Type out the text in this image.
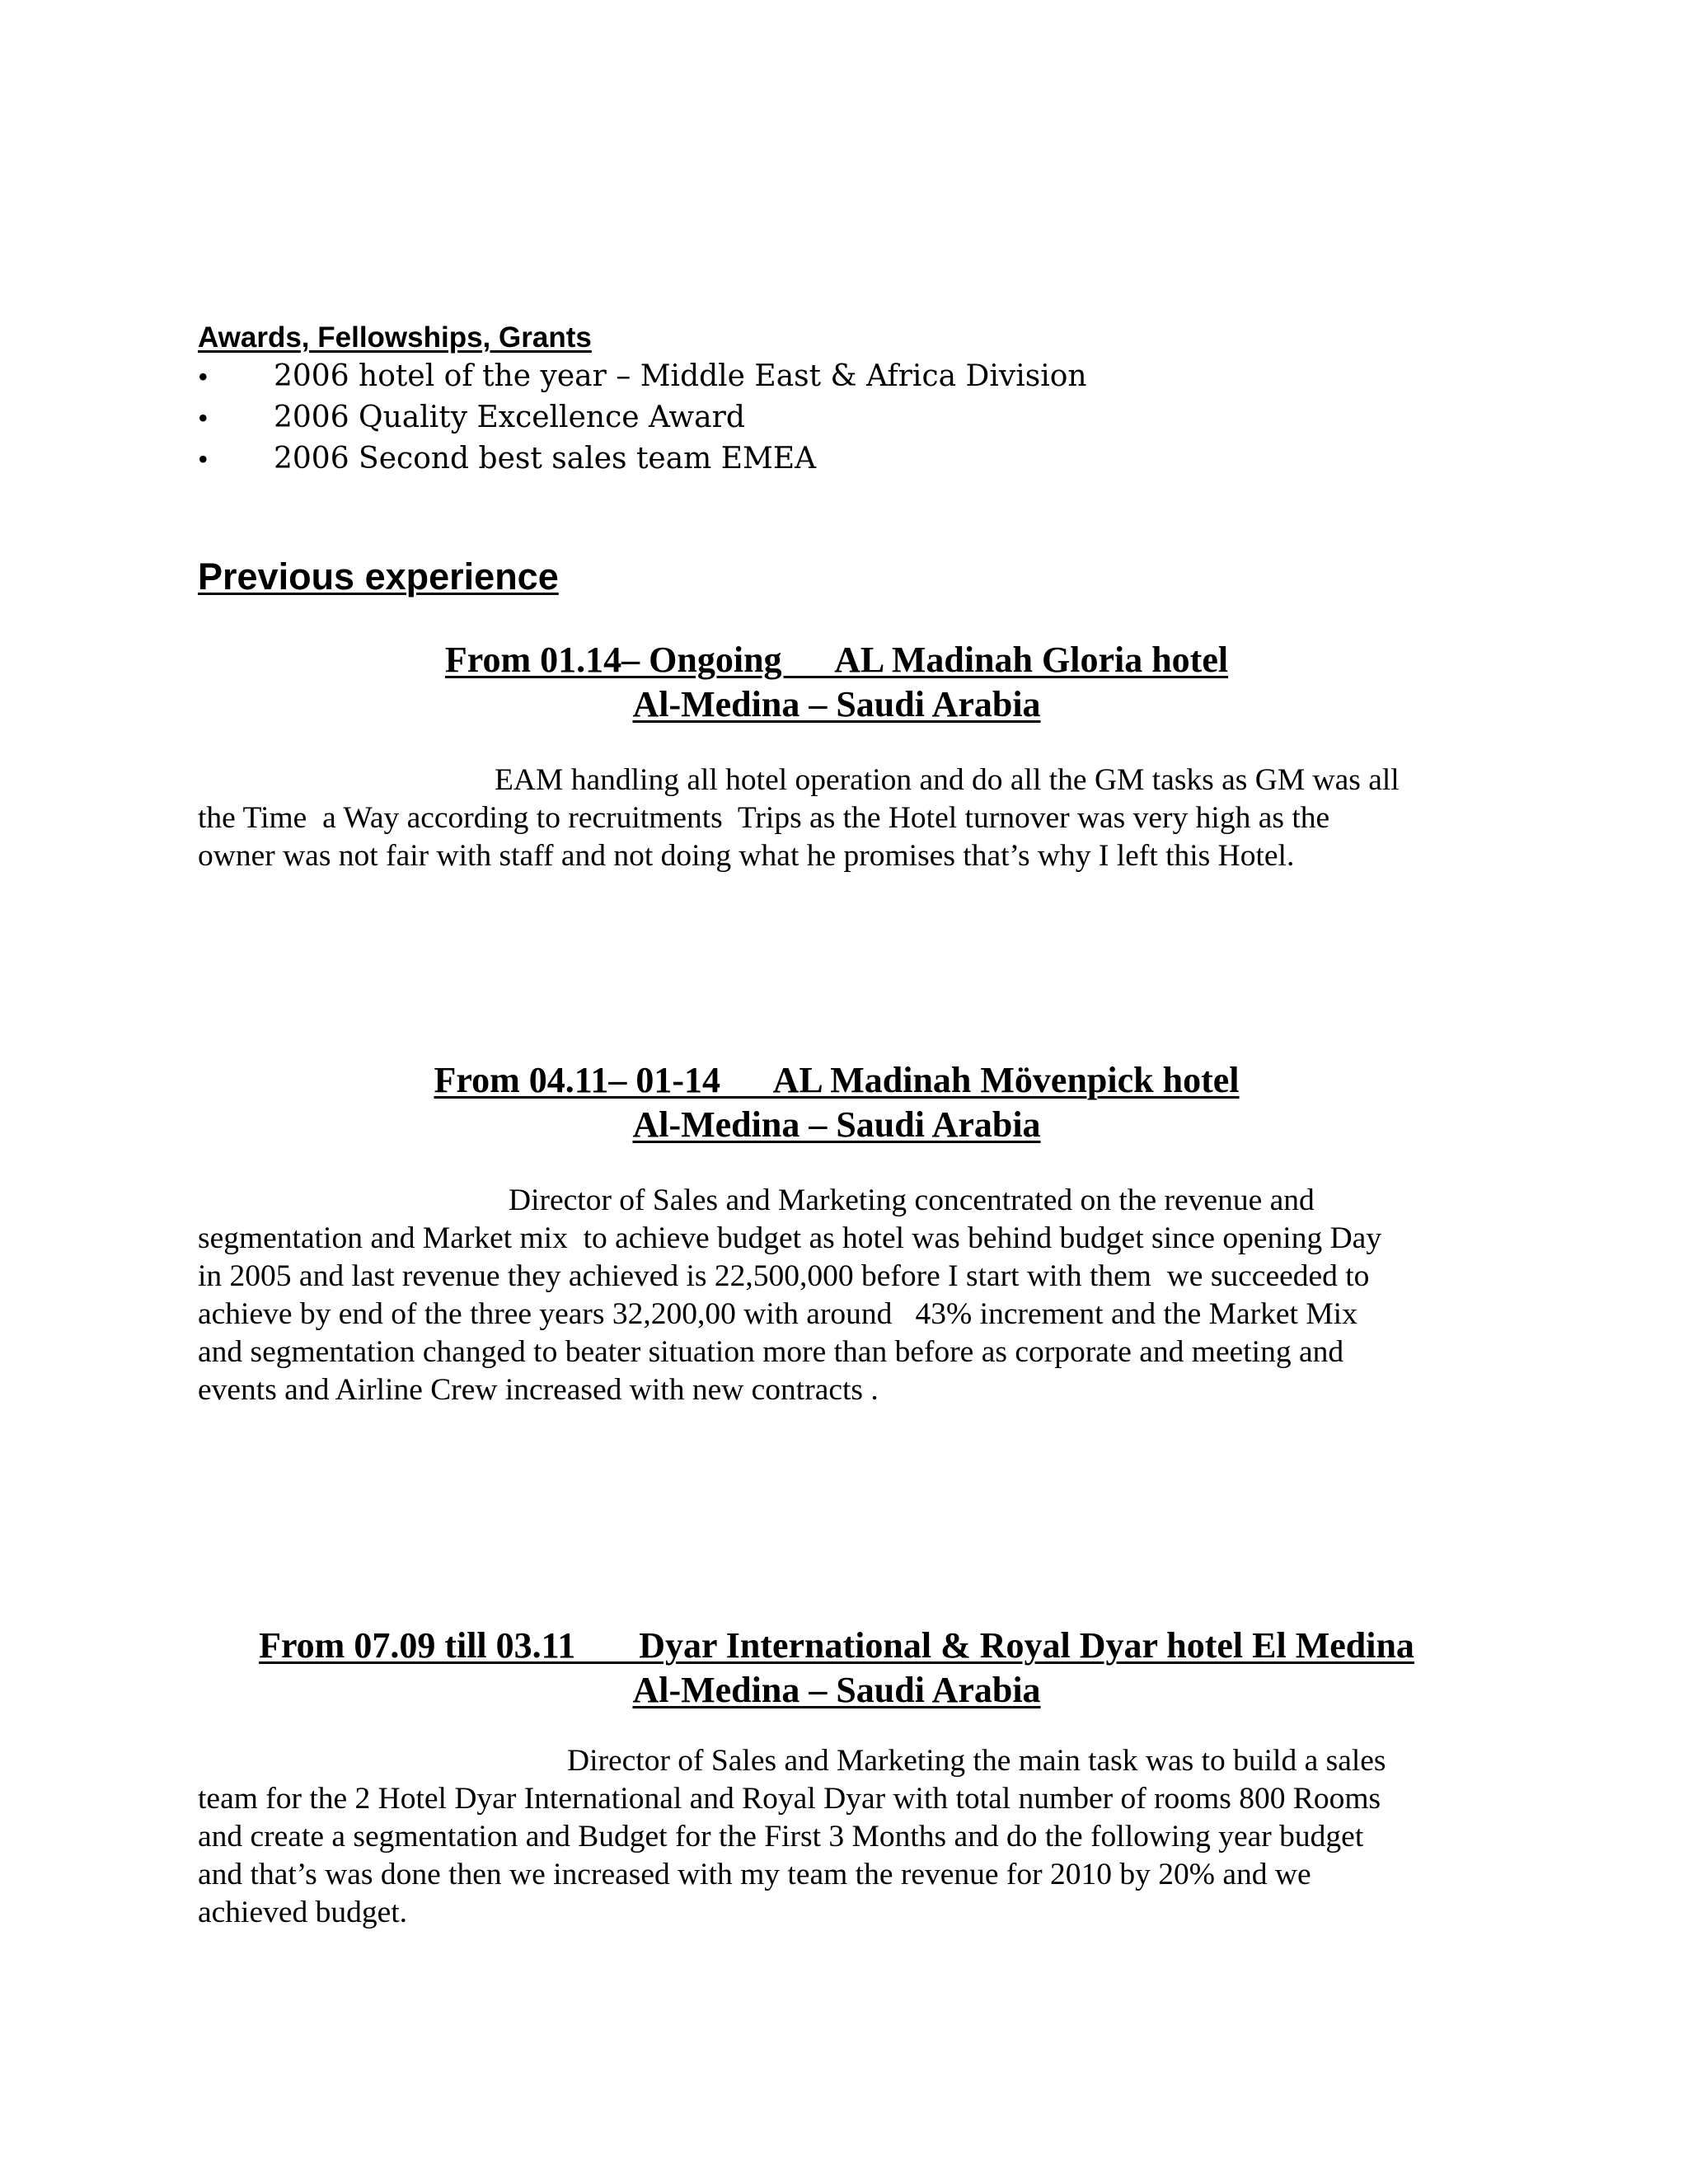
Awards, Fellowships, Grants
•	2006 hotel of the year – Middle East & Africa Division
•	2006 Quality Excellence Award
•	2006 Second best sales team EMEA
Previous experience
From 01.14– Ongoing      AL Madinah Gloria hotel
Al-Medina – Saudi Arabia
EAM handling all hotel operation and do all the GM tasks as GM was all
the Time  a Way according to recruitments  Trips as the Hotel turnover was very high as the
owner was not fair with staff and not doing what he promises that’s why I left this Hotel.
From 04.11– 01-14      AL Madinah Mövenpick hotel
Al-Medina – Saudi Arabia
Director of Sales and Marketing concentrated on the revenue and
segmentation and Market mix  to achieve budget as hotel was behind budget since opening Day
in 2005 and last revenue they achieved is 22,500,000 before I start with them  we succeeded to
achieve by end of the three years 32,200,00 with around   43% increment and the Market Mix
and segmentation changed to beater situation more than before as corporate and meeting and
events and Airline Crew increased with new contracts .
From 07.09 till 03.11       Dyar International & Royal Dyar hotel El Medina
Al-Medina – Saudi Arabia
Director of Sales and Marketing the main task was to build a sales
team for the 2 Hotel Dyar International and Royal Dyar with total number of rooms 800 Rooms
and create a segmentation and Budget for the First 3 Months and do the following year budget
and that’s was done then we increased with my team the revenue for 2010 by 20% and we
achieved budget.
